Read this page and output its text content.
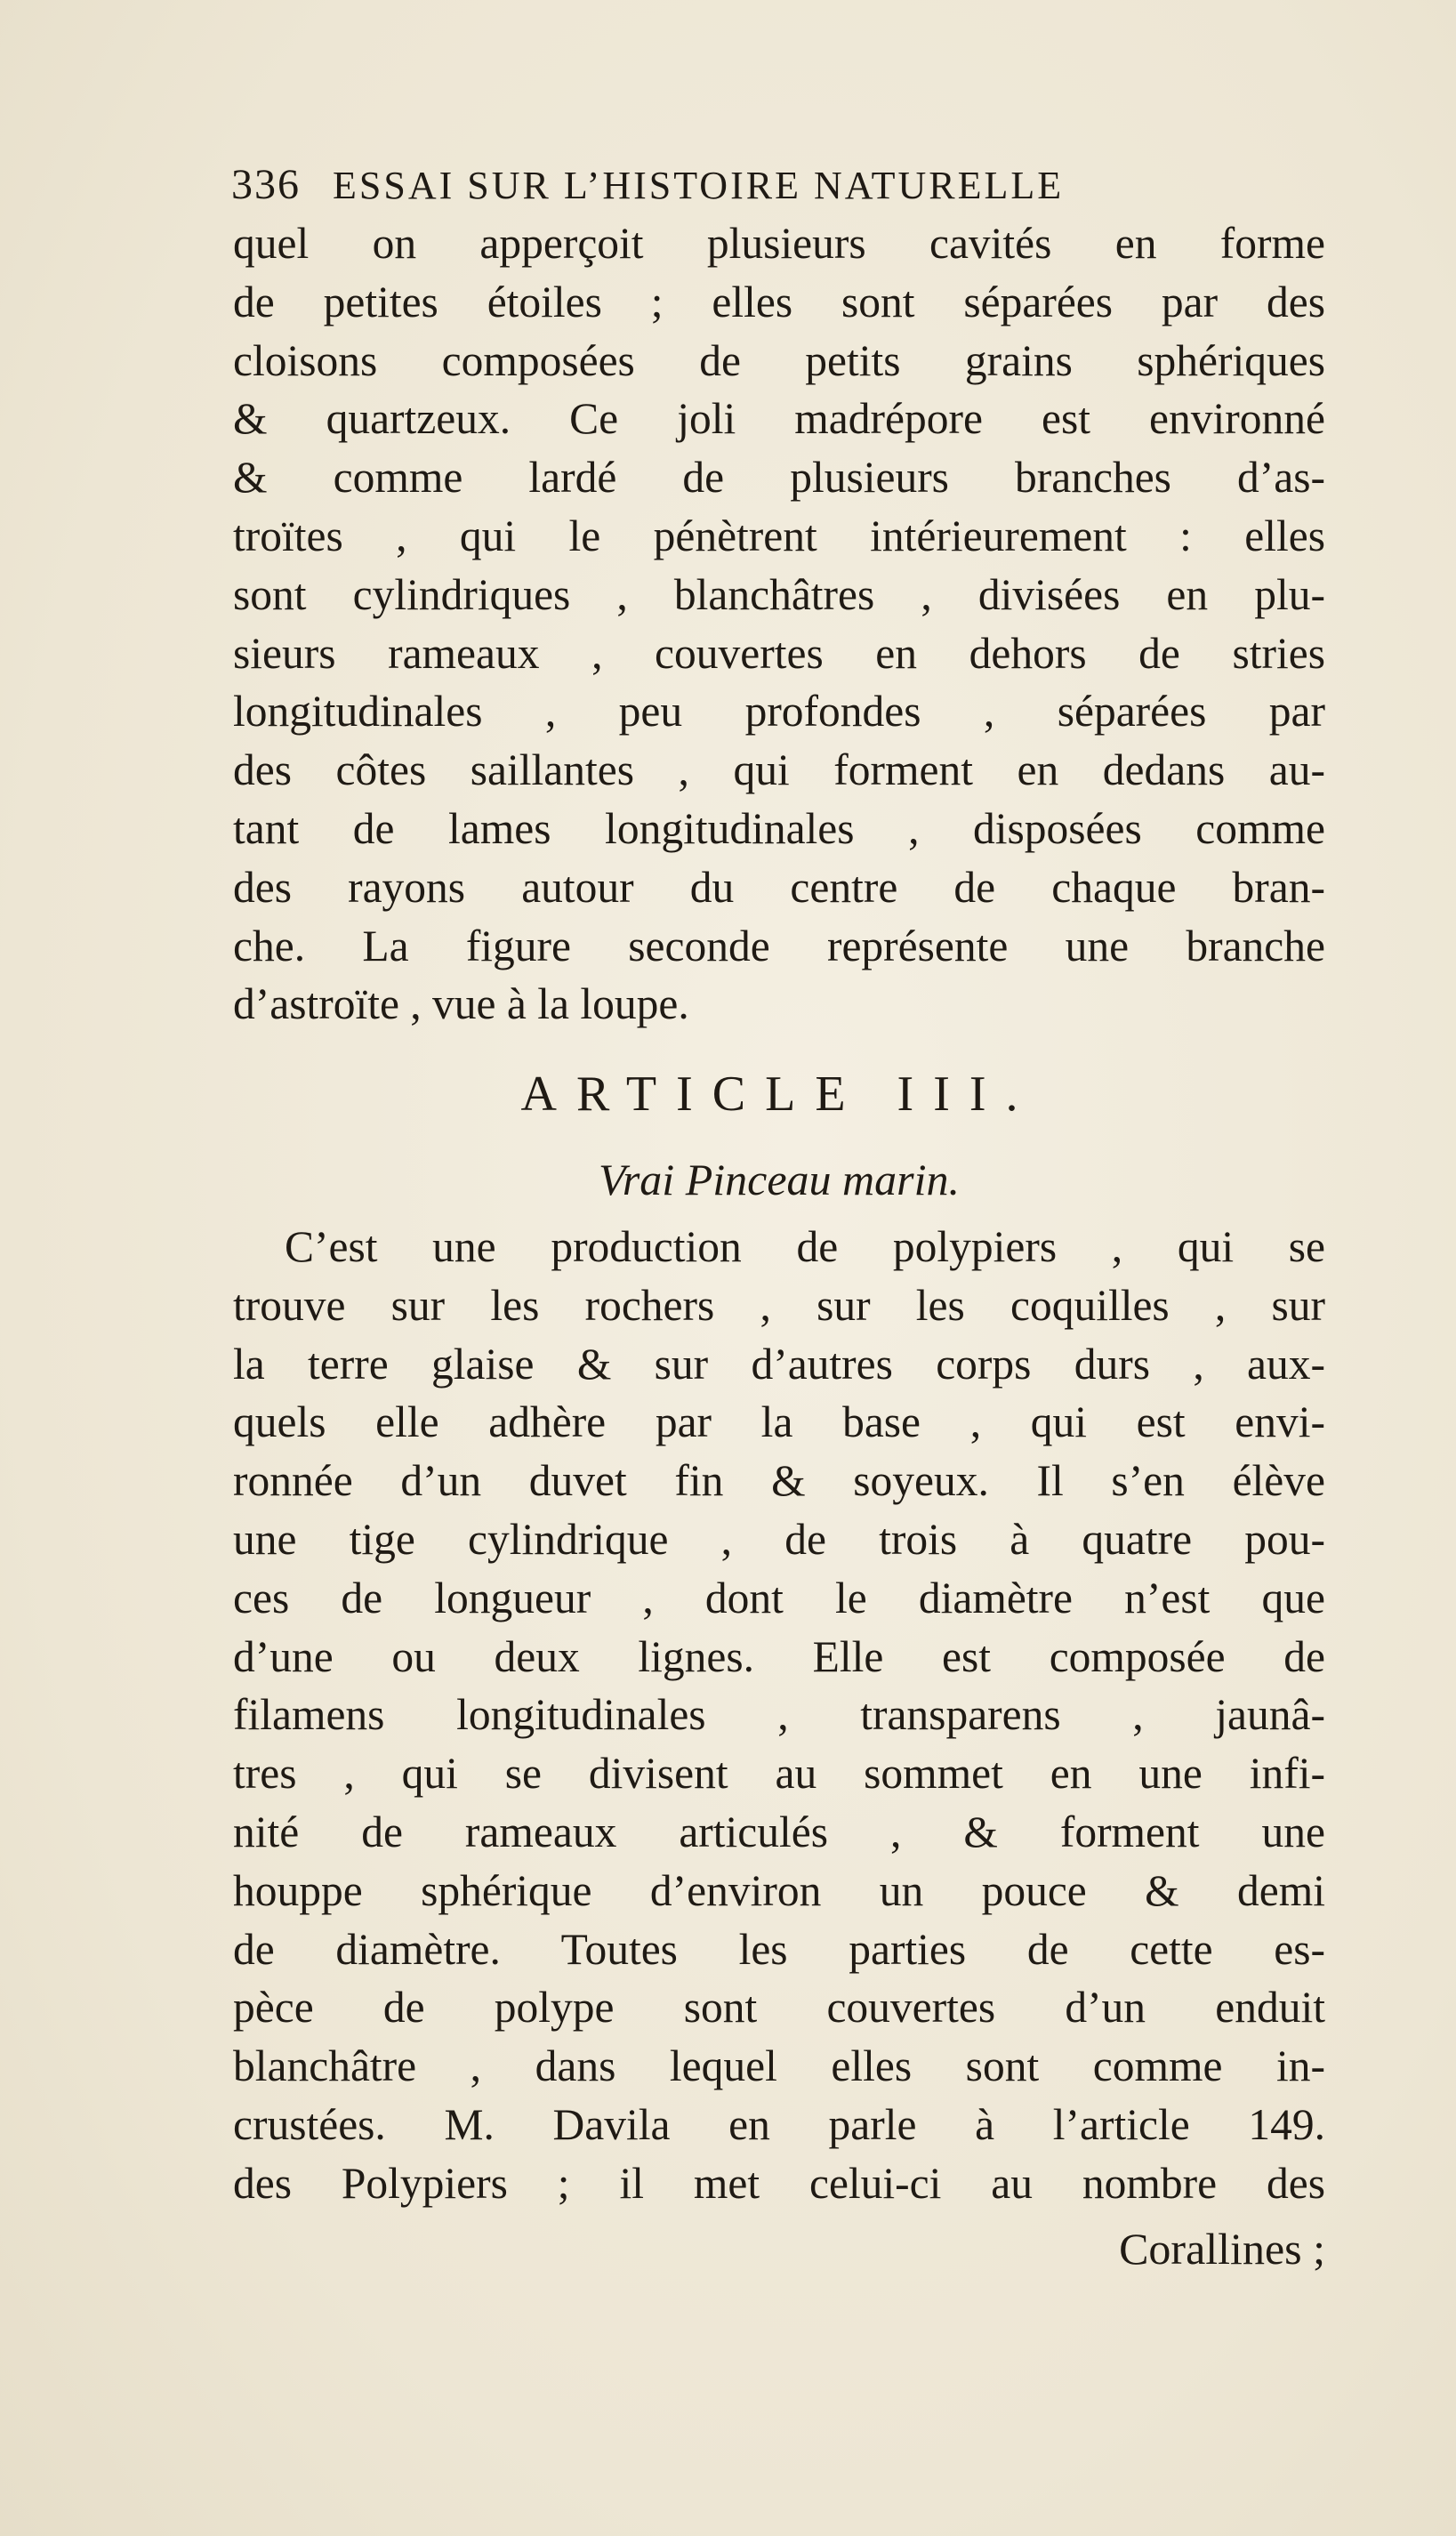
336 ESSAI SUR L’HISTOIRE NATURELLE
quel on apperçoit plusieurs cavités en forme
de petites étoiles ; elles sont séparées par des
cloisons composées de petits grains sphériques
& quartzeux. Ce joli madrépore est environné
& comme lardé de plusieurs branches d’as-
troïtes , qui le pénètrent intérieurement : elles
sont cylindriques , blanchâtres , divisées en plu-
sieurs rameaux , couvertes en dehors de stries
longitudinales , peu profondes , séparées par
des côtes saillantes , qui forment en dedans au-
tant de lames longitudinales , disposées comme
des rayons autour du centre de chaque bran-
che. La figure seconde représente une branche
d’astroïte , vue à la loupe.
ARTICLE III.
Vrai Pinceau marin.
C’est une production de polypiers , qui se
trouve sur les rochers , sur les coquilles , sur
la terre glaise & sur d’autres corps durs , aux-
quels elle adhère par la base , qui est envi-
ronnée d’un duvet fin & soyeux. Il s’en élève
une tige cylindrique , de trois à quatre pou-
ces de longueur , dont le diamètre n’est que
d’une ou deux lignes. Elle est composée de
filamens longitudinales , transparens , jaunâ-
tres , qui se divisent au sommet en une infi-
nité de rameaux articulés , & forment une
houppe sphérique d’environ un pouce & demi
de diamètre. Toutes les parties de cette es-
pèce de polype sont couvertes d’un enduit
blanchâtre , dans lequel elles sont comme in-
crustées. M. Davila en parle à l’article 149.
des Polypiers ; il met celui-ci au nombre des
Corallines ;
